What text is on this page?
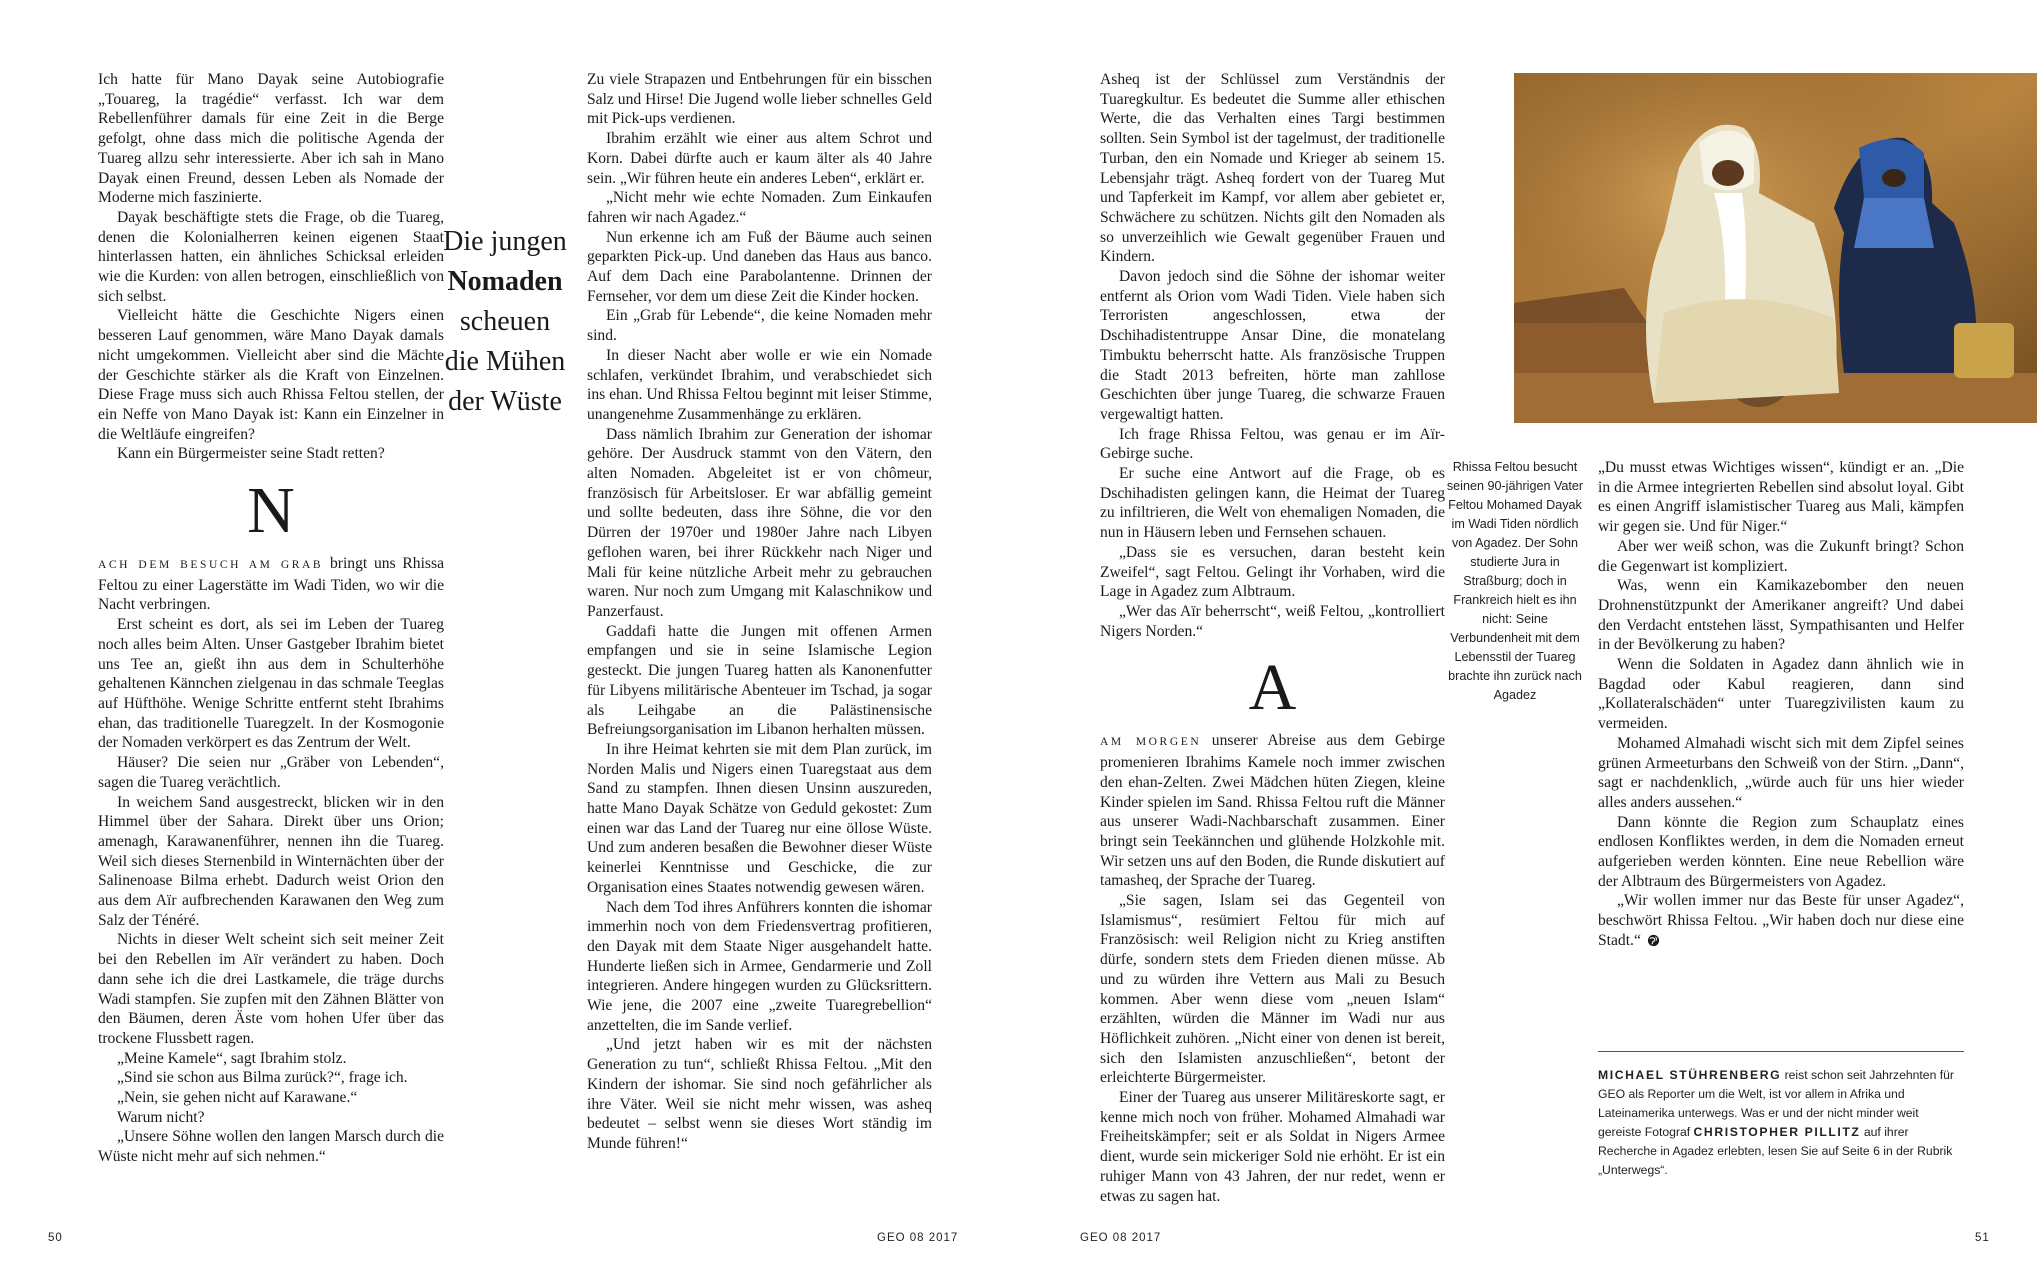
Ich hatte für Mano Dayak seine Autobiografie „Touareg, la tragédie“ verfasst. Ich war dem Rebellenführer damals für eine Zeit in die Berge gefolgt, ohne dass mich die politische Agenda der Tuareg allzu sehr interessierte. Aber ich sah in Mano Dayak einen Freund, dessen Leben als Nomade der Moderne mich faszinierte.

Dayak beschäftigte stets die Frage, ob die Tuareg, denen die Kolonialherren keinen eigenen Staat hinterlassen hatten, ein ähnliches Schicksal erleiden wie die Kurden: von allen betrogen, einschließlich von sich selbst.

Vielleicht hätte die Geschichte Nigers einen besseren Lauf genommen, wäre Mano Dayak damals nicht umgekommen. Vielleicht aber sind die Mächte der Geschichte stärker als die Kraft von Einzelnen. Diese Frage muss sich auch Rhissa Feltou stellen, der ein Neffe von Mano Dayak ist: Kann ein Einzelner in die Weltläufe eingreifen?

Kann ein Bürgermeister seine Stadt retten?

N

ACH DEM BESUCH AM GRAB bringt uns Rhissa Feltou zu einer Lagerstätte im Wadi Tiden, wo wir die Nacht verbringen.

Erst scheint es dort, als sei im Leben der Tuareg noch alles beim Alten. Unser Gastgeber Ibrahim bietet uns Tee an, gießt ihn aus dem in Schulterhöhe gehaltenen Kännchen zielgenau in das schmale Teeglas auf Hüfthöhe. Wenige Schritte entfernt steht Ibrahims ehan, das traditionelle Tuaregzelt. In der Kosmogonie der Nomaden verkörpert es das Zentrum der Welt.

Häuser? Die seien nur „Gräber von Lebenden“, sagen die Tuareg verächtlich.

In weichem Sand ausgestreckt, blicken wir in den Himmel über der Sahara. Direkt über uns Orion; amenagh, Karawanenführer, nennen ihn die Tuareg. Weil sich dieses Sternenbild in Winternächten über der Salinenoase Bilma erhebt. Dadurch weist Orion den aus dem Aïr aufbrechenden Karawanen den Weg zum Salz der Ténéré.

Nichts in dieser Welt scheint sich seit meiner Zeit bei den Rebellen im Aïr verändert zu haben. Doch dann sehe ich die drei Lastkamele, die träge durchs Wadi stampfen. Sie zupfen mit den Zähnen Blätter von den Bäumen, deren Äste vom hohen Ufer über das trockene Flussbett ragen.

„Meine Kamele“, sagt Ibrahim stolz.

„Sind sie schon aus Bilma zurück?“, frage ich.

„Nein, sie gehen nicht auf Karawane.“

Warum nicht?

„Unsere Söhne wollen den langen Marsch durch die Wüste nicht mehr auf sich nehmen.“

Die jungen
Nomaden
scheuen
die Mühen
der Wüste

Zu viele Strapazen und Entbehrungen für ein bisschen Salz und Hirse! Die Jugend wolle lieber schnelles Geld mit Pick-ups verdienen.

Ibrahim erzählt wie einer aus altem Schrot und Korn. Dabei dürfte auch er kaum älter als 40 Jahre sein. „Wir führen heute ein anderes Leben“, erklärt er.

„Nicht mehr wie echte Nomaden. Zum Einkaufen fahren wir nach Agadez.“

Nun erkenne ich am Fuß der Bäume auch seinen geparkten Pick-up. Und daneben das Haus aus banco. Auf dem Dach eine Parabolantenne. Drinnen der Fernseher, vor dem um diese Zeit die Kinder hocken.

Ein „Grab für Lebende“, die keine Nomaden mehr sind.

In dieser Nacht aber wolle er wie ein Nomade schlafen, verkündet Ibrahim, und verabschiedet sich ins ehan. Und Rhissa Feltou beginnt mit leiser Stimme, unangenehme Zusammenhänge zu erklären.

Dass nämlich Ibrahim zur Generation der ishomar gehöre. Der Ausdruck stammt von den Vätern, den alten Nomaden. Abgeleitet ist er von chômeur, französisch für Arbeitsloser. Er war abfällig gemeint und sollte bedeuten, dass ihre Söhne, die vor den Dürren der 1970er und 1980er Jahre nach Libyen geflohen waren, bei ihrer Rückkehr nach Niger und Mali für keine nützliche Arbeit mehr zu gebrauchen waren. Nur noch zum Umgang mit Kalaschnikow und Panzerfaust.

Gaddafi hatte die Jungen mit offenen Armen empfangen und sie in seine Islamische Legion gesteckt. Die jungen Tuareg hatten als Kanonenfutter für Libyens militärische Abenteuer im Tschad, ja sogar als Leihgabe an die Palästinensische Befreiungsorganisation im Libanon herhalten müssen.

In ihre Heimat kehrten sie mit dem Plan zurück, im Norden Malis und Nigers einen Tuaregstaat aus dem Sand zu stampfen. Ihnen diesen Unsinn auszureden, hatte Mano Dayak Schätze von Geduld gekostet: Zum einen war das Land der Tuareg nur eine öllose Wüste. Und zum anderen besaßen die Bewohner dieser Wüste keinerlei Kenntnisse und Geschicke, die zur Organisation eines Staates notwendig gewesen wären.

Nach dem Tod ihres Anführers konnten die ishomar immerhin noch von dem Friedensvertrag profitieren, den Dayak mit dem Staate Niger ausgehandelt hatte. Hunderte ließen sich in Armee, Gendarmerie und Zoll integrieren. Andere hingegen wurden zu Glücksrittern. Wie jene, die 2007 eine „zweite Tuaregrebellion“ anzettelten, die im Sande verlief.

„Und jetzt haben wir es mit der nächsten Generation zu tun“, schließt Rhissa Feltou. „Mit den Kindern der ishomar. Sie sind noch gefährlicher als ihre Väter. Weil sie nicht mehr wissen, was asheq bedeutet – selbst wenn sie dieses Wort ständig im Munde führen!“

Asheq ist der Schlüssel zum Verständnis der Tuaregkultur. Es bedeutet die Summe aller ethischen Werte, die das Verhalten eines Targi bestimmen sollten. Sein Symbol ist der tagelmust, der traditionelle Turban, den ein Nomade und Krieger ab seinem 15. Lebensjahr trägt. Asheq fordert von der Tuareg Mut und Tapferkeit im Kampf, vor allem aber gebietet er, Schwächere zu schützen. Nichts gilt den Nomaden als so unverzeihlich wie Gewalt gegenüber Frauen und Kindern.

Davon jedoch sind die Söhne der ishomar weiter entfernt als Orion vom Wadi Tiden. Viele haben sich Terroristen angeschlossen, etwa der Dschihadistentruppe Ansar Dine, die monatelang Timbuktu beherrscht hatte. Als französische Truppen die Stadt 2013 befreiten, hörte man zahllose Geschichten über junge Tuareg, die schwarze Frauen vergewaltigt hatten.

Ich frage Rhissa Feltou, was genau er im Aïr-Gebirge suche.

Er suche eine Antwort auf die Frage, ob es Dschihadisten gelingen kann, die Heimat der Tuareg zu infiltrieren, die Welt von ehemaligen Nomaden, die nun in Häusern leben und Fernsehen schauen.

„Dass sie es versuchen, daran besteht kein Zweifel“, sagt Feltou. Gelingt ihr Vorhaben, wird die Lage in Agadez zum Albtraum.

„Wer das Aïr beherrscht“, weiß Feltou, „kontrolliert Nigers Norden.“

A

AM MORGEN unserer Abreise aus dem Gebirge promenieren Ibrahims Kamele noch immer zwischen den ehan-Zelten. Zwei Mädchen hüten Ziegen, kleine Kinder spielen im Sand. Rhissa Feltou ruft die Männer aus unserer Wadi-Nachbarschaft zusammen. Einer bringt sein Teekännchen und glühende Holzkohle mit. Wir setzen uns auf den Boden, die Runde diskutiert auf tamasheq, der Sprache der Tuareg.

„Sie sagen, Islam sei das Gegenteil von Islamismus“, resümiert Feltou für mich auf Französisch: weil Religion nicht zu Krieg anstiften dürfe, sondern stets dem Frieden dienen müsse. Ab und zu würden ihre Vettern aus Mali zu Besuch kommen. Aber wenn diese vom „neuen Islam“ erzählten, würden die Männer im Wadi nur aus Höflichkeit zuhören. „Nicht einer von denen ist bereit, sich den Islamisten anzuschließen“, betont der erleichterte Bürgermeister.

Einer der Tuareg aus unserer Militäreskorte sagt, er kenne mich noch von früher. Mohamed Almahadi war Freiheitskämpfer; seit er als Soldat in Nigers Armee dient, wurde sein mickeriger Sold nie erhöht. Er ist ein ruhiger Mann von 43 Jahren, der nur redet, wenn er etwas zu sagen hat.

Rhissa Feltou besucht seinen 90-jährigen Vater Feltou Mohamed Dayak im Wadi Tiden nördlich von Agadez. Der Sohn studierte Jura in Straßburg; doch in Frankreich hielt es ihn nicht: Seine Verbundenheit mit dem Lebensstil der Tuareg brachte ihn zurück nach Agadez

„Du musst etwas Wichtiges wissen“, kündigt er an. „Die in die Armee integrierten Rebellen sind absolut loyal. Gibt es einen Angriff islamistischer Tuareg aus Mali, kämpfen wir gegen sie. Und für Niger.“

Aber wer weiß schon, was die Zukunft bringt? Schon die Gegenwart ist kompliziert.

Was, wenn ein Kamikazebomber den neuen Drohnenstützpunkt der Amerikaner angreift? Und dabei den Verdacht entstehen lässt, Sympathisanten und Helfer in der Bevölkerung zu haben?

Wenn die Soldaten in Agadez dann ähnlich wie in Bagdad oder Kabul reagieren, dann sind „Kollateralschäden“ unter Tuaregzivilisten kaum zu vermeiden.

Mohamed Almahadi wischt sich mit dem Zipfel seines grünen Armeeturbans den Schweiß von der Stirn. „Dann“, sagt er nachdenklich, „würde auch für uns hier wieder alles anders aussehen.“

Dann könnte die Region zum Schauplatz eines endlosen Konfliktes werden, in dem die Nomaden erneut aufgerieben werden könnten. Eine neue Rebellion wäre der Albtraum des Bürgermeisters von Agadez.

„Wir wollen immer nur das Beste für unser Agadez“, beschwört Rhissa Feltou. „Wir haben doch nur diese eine Stadt.“

MICHAEL STÜHRENBERG reist schon seit Jahrzehnten für GEO als Reporter um die Welt, ist vor allem in Afrika und Lateinamerika unterwegs. Was er und der nicht minder weit gereiste Fotograf CHRISTOPHER PILLITZ auf ihrer Recherche in Agadez erlebten, lesen Sie auf Seite 6 in der Rubrik „Unterwegs“.
50	GEO 08 2017	GEO 08 2017	51
